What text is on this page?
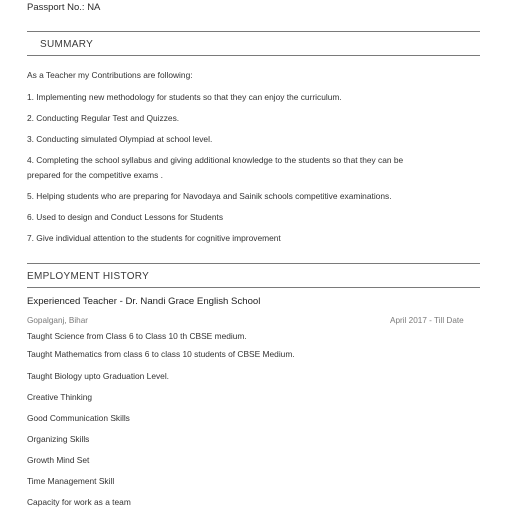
Passport No.: NA
SUMMARY
As a Teacher my Contributions are following:
1. Implementing new methodology for students so that they can enjoy the curriculum.
2. Conducting Regular Test and Quizzes.
3. Conducting simulated Olympiad at school level.
4. Completing the school syllabus and giving additional knowledge to the students so that they can be
prepared for the competitive exams .
5. Helping students who are preparing for Navodaya and Sainik schools competitive examinations.
6. Used to design and Conduct Lessons for Students
7. Give individual attention to the students for cognitive improvement
EMPLOYMENT HISTORY
Experienced Teacher - Dr. Nandi Grace English School
Gopalganj, Bihar	April 2017 - Till Date
Taught Science from Class 6 to Class 10 th CBSE medium.
Taught Mathematics from class 6 to class 10 students of CBSE Medium.
Taught Biology upto Graduation Level.
Creative Thinking
Good Communication Skills
Organizing Skills
Growth Mind Set
Time Management Skill
Capacity for work as a team
